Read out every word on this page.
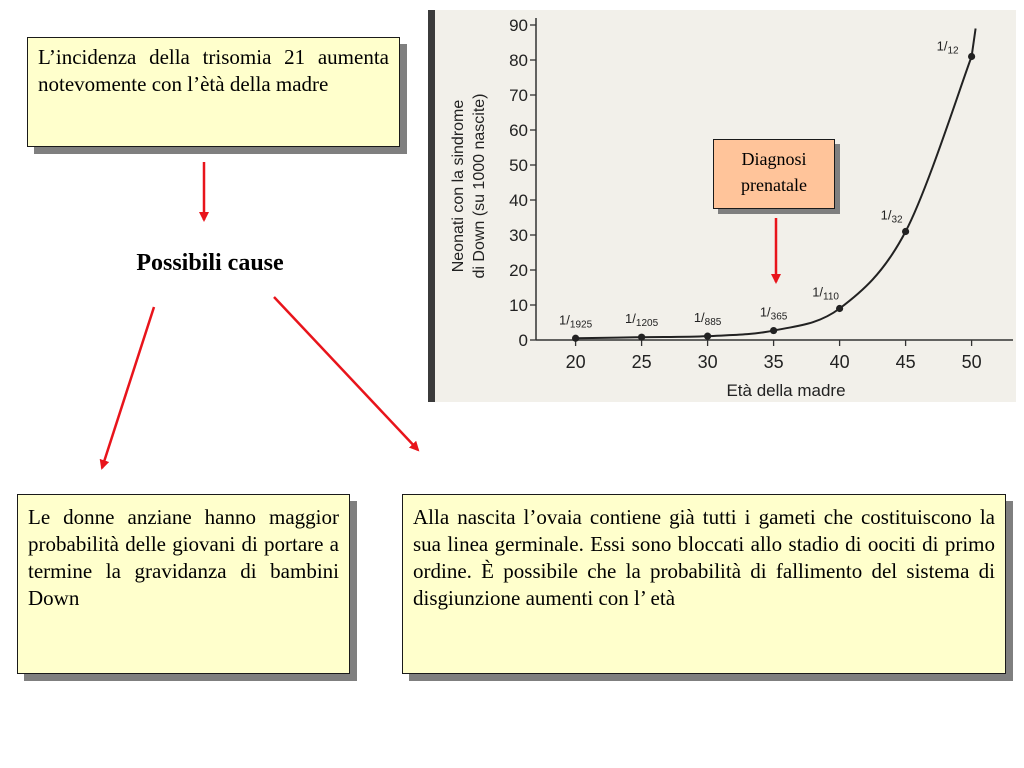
L’incidenza della trisomia 21 aumenta notevomente con l’ètà della madre
Possibili cause
0
10
20
30
40
50
60
70
80
90
20	25	30	35	40	45	50
$1/_{1925}$	$1/_{1205}$	$1/_{885}$
$1/_{365}$
$1/_{110}$
$1/_{32}$
$1/_{12}$
Neonati con la sindrome di Down (su 1000 nascite)
Età della madre
Diagnosi prenatale
Le donne anziane hanno maggior probabilità delle giovani di portare a termine la gravidanza di bambini Down
Alla nascita l’ovaia contiene già tutti i gameti che costituiscono la sua linea germinale. Essi sono bloccati allo stadio di oociti di primo ordine. È possibile che la probabilità di fallimento del sistema di disgiunzione aumenti con l’ età
